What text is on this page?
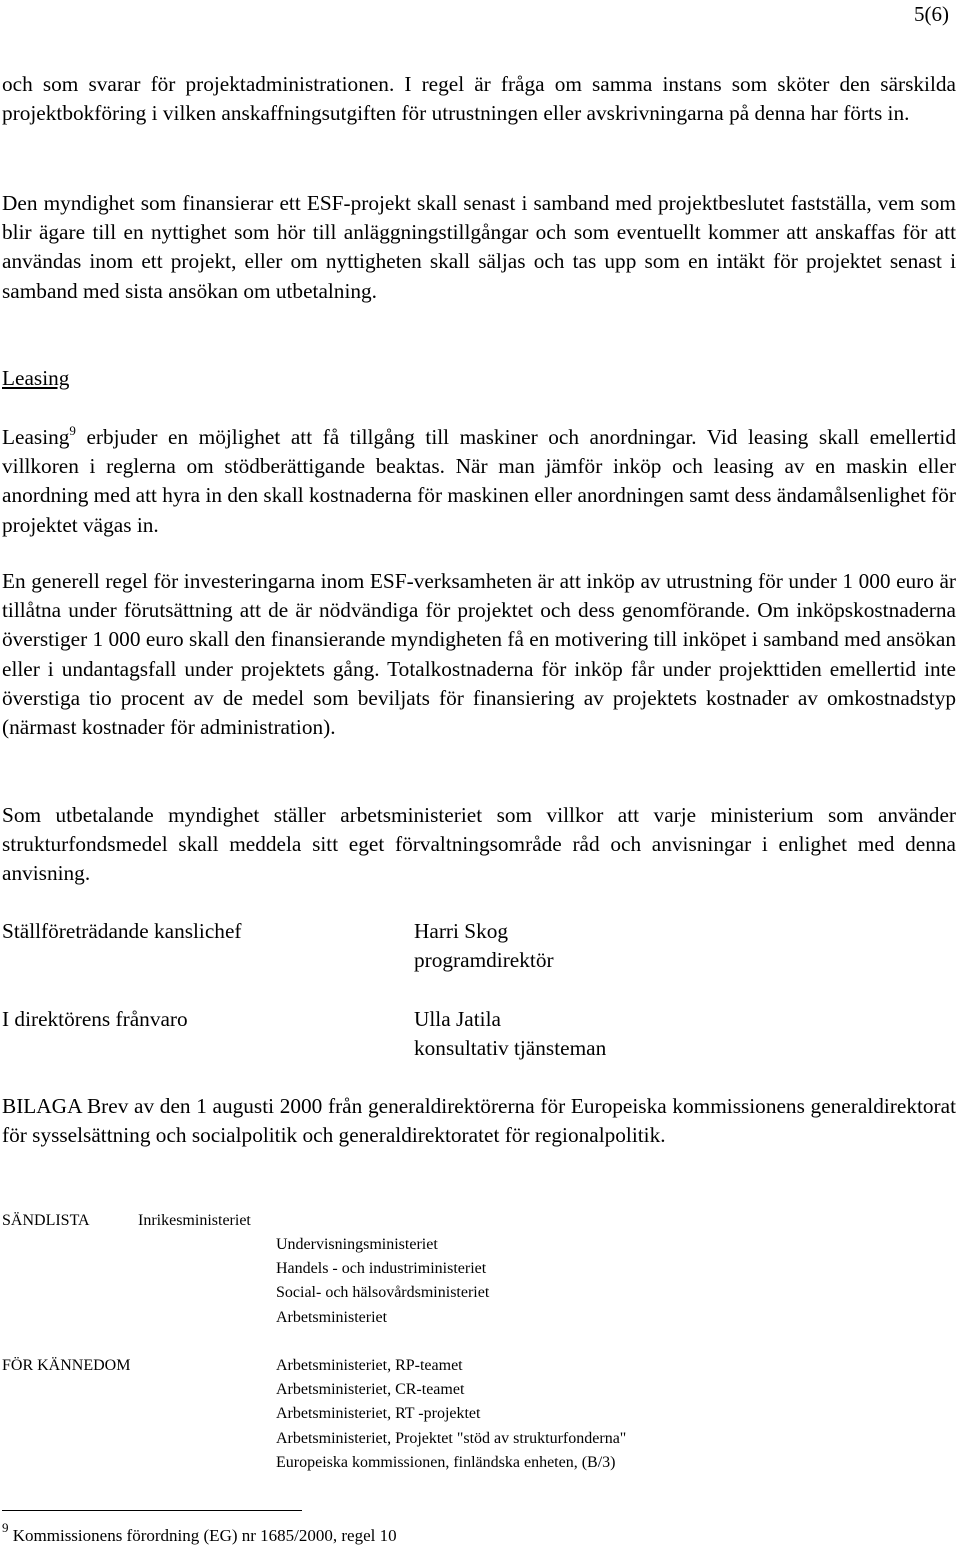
5(6)
och som svarar för projektadministrationen. I regel är fråga om samma instans som sköter den särskilda projektbokföring i vilken anskaffningsutgiften för utrustningen eller avskrivningarna på denna har förts in.
Den myndighet som finansierar ett ESF-projekt skall senast i samband med projektbeslutet fastställa, vem som blir ägare till en nyttighet som hör till anläggningstillgångar och som eventuellt kommer att anskaffas för att användas inom ett projekt, eller om nyttigheten skall säljas och tas upp som en intäkt för projektet senast i samband med sista ansökan om utbetalning.
Leasing
Leasing$^9$ erbjuder en möjlighet att få tillgång till maskiner och anordningar. Vid leasing skall emellertid villkoren i reglerna om stödberättigande beaktas. När man jämför inköp och leasing av en maskin eller anordning med att hyra in den skall kostnaderna för maskinen eller anordningen samt dess ändamålsenlighet för projektet vägas in.
En generell regel för investeringarna inom ESF-verksamheten är att inköp av utrustning för under 1 000 euro är tillåtna under förutsättning att de är nödvändiga för projektet och dess genomförande. Om inköpskostnaderna överstiger 1 000 euro skall den finansierande myndigheten få en motivering till inköpet i samband med ansökan eller i undantagsfall under projektets gång. Totalkostnaderna för inköp får under projekttiden emellertid inte överstiga tio procent av de medel som beviljats för finansiering av projektets kostnader av omkostnadstyp (närmast kostnader för administration).
Som utbetalande myndighet ställer arbetsministeriet som villkor att varje ministerium som använder strukturfondsmedel skall meddela sitt eget förvaltningsområde råd och anvisningar i enlighet med denna anvisning.
Ställföreträdande kanslichef	Harri Skog
programdirektör
I direktörens frånvaro	Ulla Jatila
konsultativ tjänsteman
BILAGA Brev av den 1 augusti 2000 från generaldirektörerna för Europeiska kommissionens generaldirektorat för sysselsättning och socialpolitik och generaldirektoratet för regionalpolitik.
SÄNDLISTA	Inrikesministeriet
Undervisningsministeriet
Handels - och industriministeriet
Social- och hälsovårdsministeriet
Arbetsministeriet
FÖR KÄNNEDOM	Arbetsministeriet, RP-teamet
Arbetsministeriet, CR-teamet
Arbetsministeriet, RT -projektet
Arbetsministeriet, Projektet "stöd av strukturfonderna"
Europeiska kommissionen, finländska enheten, (B/3)
$^9$ Kommissionens förordning (EG) nr 1685/2000, regel 10
